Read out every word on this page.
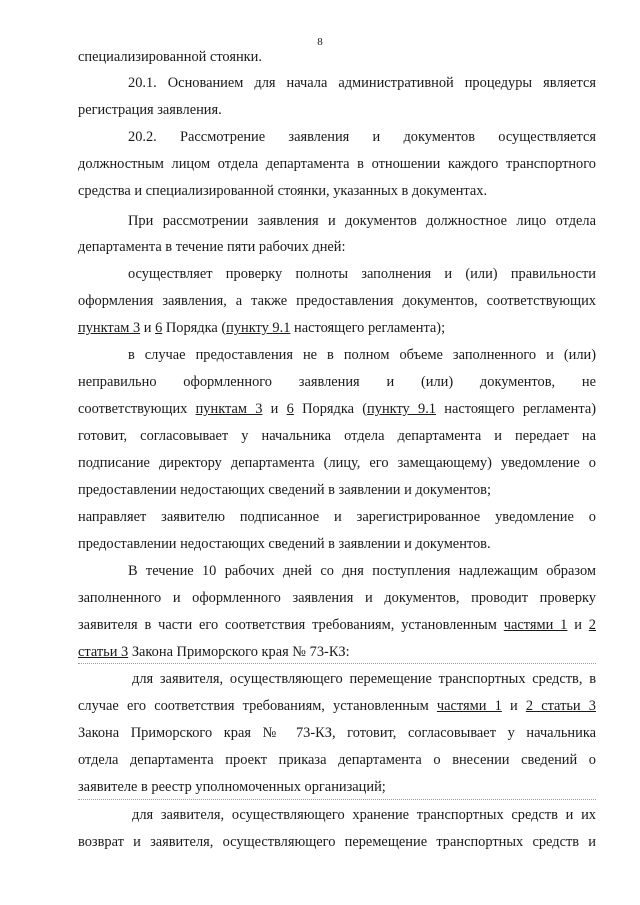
8
специализированной стоянки.
20.1. Основанием для начала административной процедуры является
регистрация заявления.
20.2. Рассмотрение заявления и документов осуществляется
должностным лицом отдела департамента в отношении каждого транспортного
средства и специализированной стоянки, указанных в документах.
При рассмотрении заявления и документов должностное лицо отдела
департамента в течение пяти рабочих дней:
осуществляет проверку полноты заполнения и (или) правильности
оформления заявления, а также предоставления документов, соответствующих
пунктам 3 и 6 Порядка (пункту 9.1 настоящего регламента);
в случае предоставления не в полном объеме заполненного и (или)
неправильно оформленного заявления и (или) документов, не
соответствующих пунктам 3 и 6 Порядка (пункту 9.1 настоящего регламента)
готовит, согласовывает у начальника отдела департамента и передает на
подписание директору департамента (лицу, его замещающему) уведомление о
предоставлении недостающих сведений в заявлении и документов;
направляет заявителю подписанное и зарегистрированное уведомление о
предоставлении недостающих сведений в заявлении и документов.
В течение 10 рабочих дней со дня поступления надлежащим образом
заполненного и оформленного заявления и документов, проводит проверку
заявителя в части его соответствия требованиям, установленным частями 1 и 2
статьи 3 Закона Приморского края № 73-КЗ:
для заявителя, осуществляющего перемещение транспортных средств, в
случае его соответствия требованиям, установленным частями 1 и 2 статьи 3
Закона Приморского края № 73-КЗ, готовит, согласовывает у начальника
отдела департамента проект приказа департамента о внесении сведений о
заявителе в реестр уполномоченных организаций;
для заявителя, осуществляющего хранение транспортных средств и их
возврат и заявителя, осуществляющего перемещение транспортных средств и
